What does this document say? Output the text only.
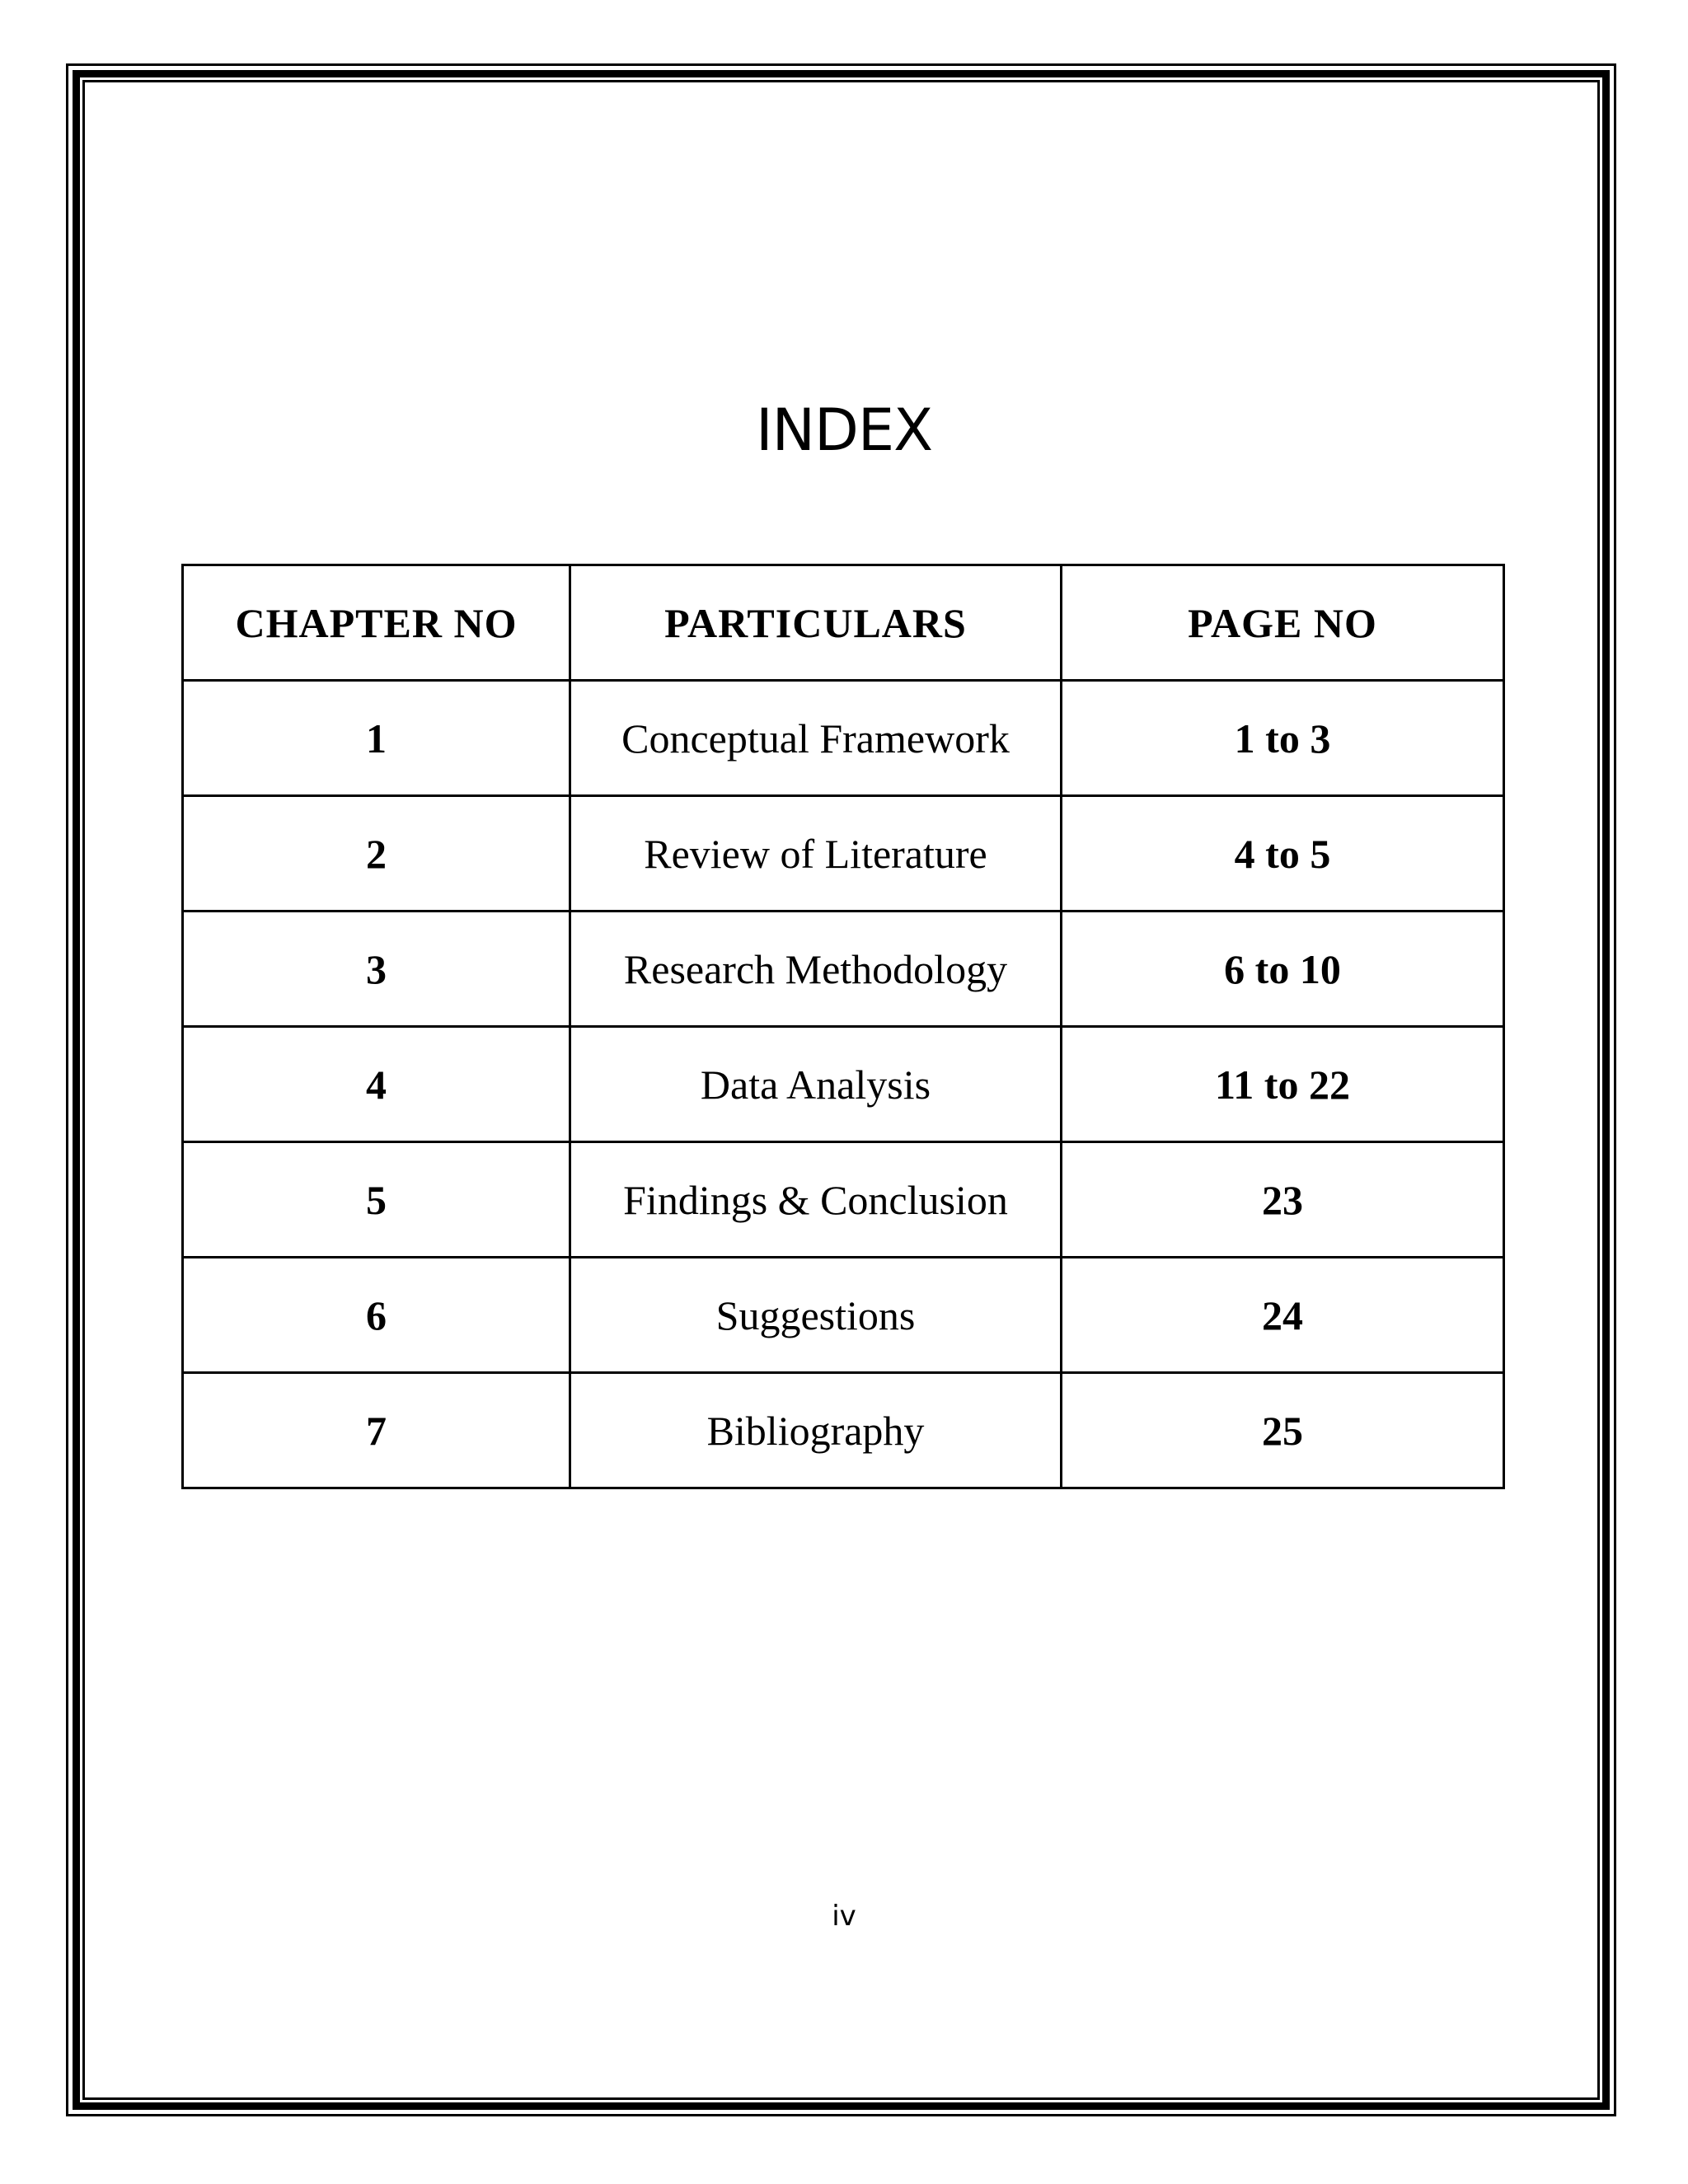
INDEX
CHAPTER NO	PARTICULARS	PAGE NO
1	Conceptual Framework	1 to 3
2	Review of Literature	4 to 5
3	Research Methodology	6 to 10
4	Data Analysis	11 to 22
5	Findings & Conclusion	23
6	Suggestions	24
7	Bibliography	25
iv
